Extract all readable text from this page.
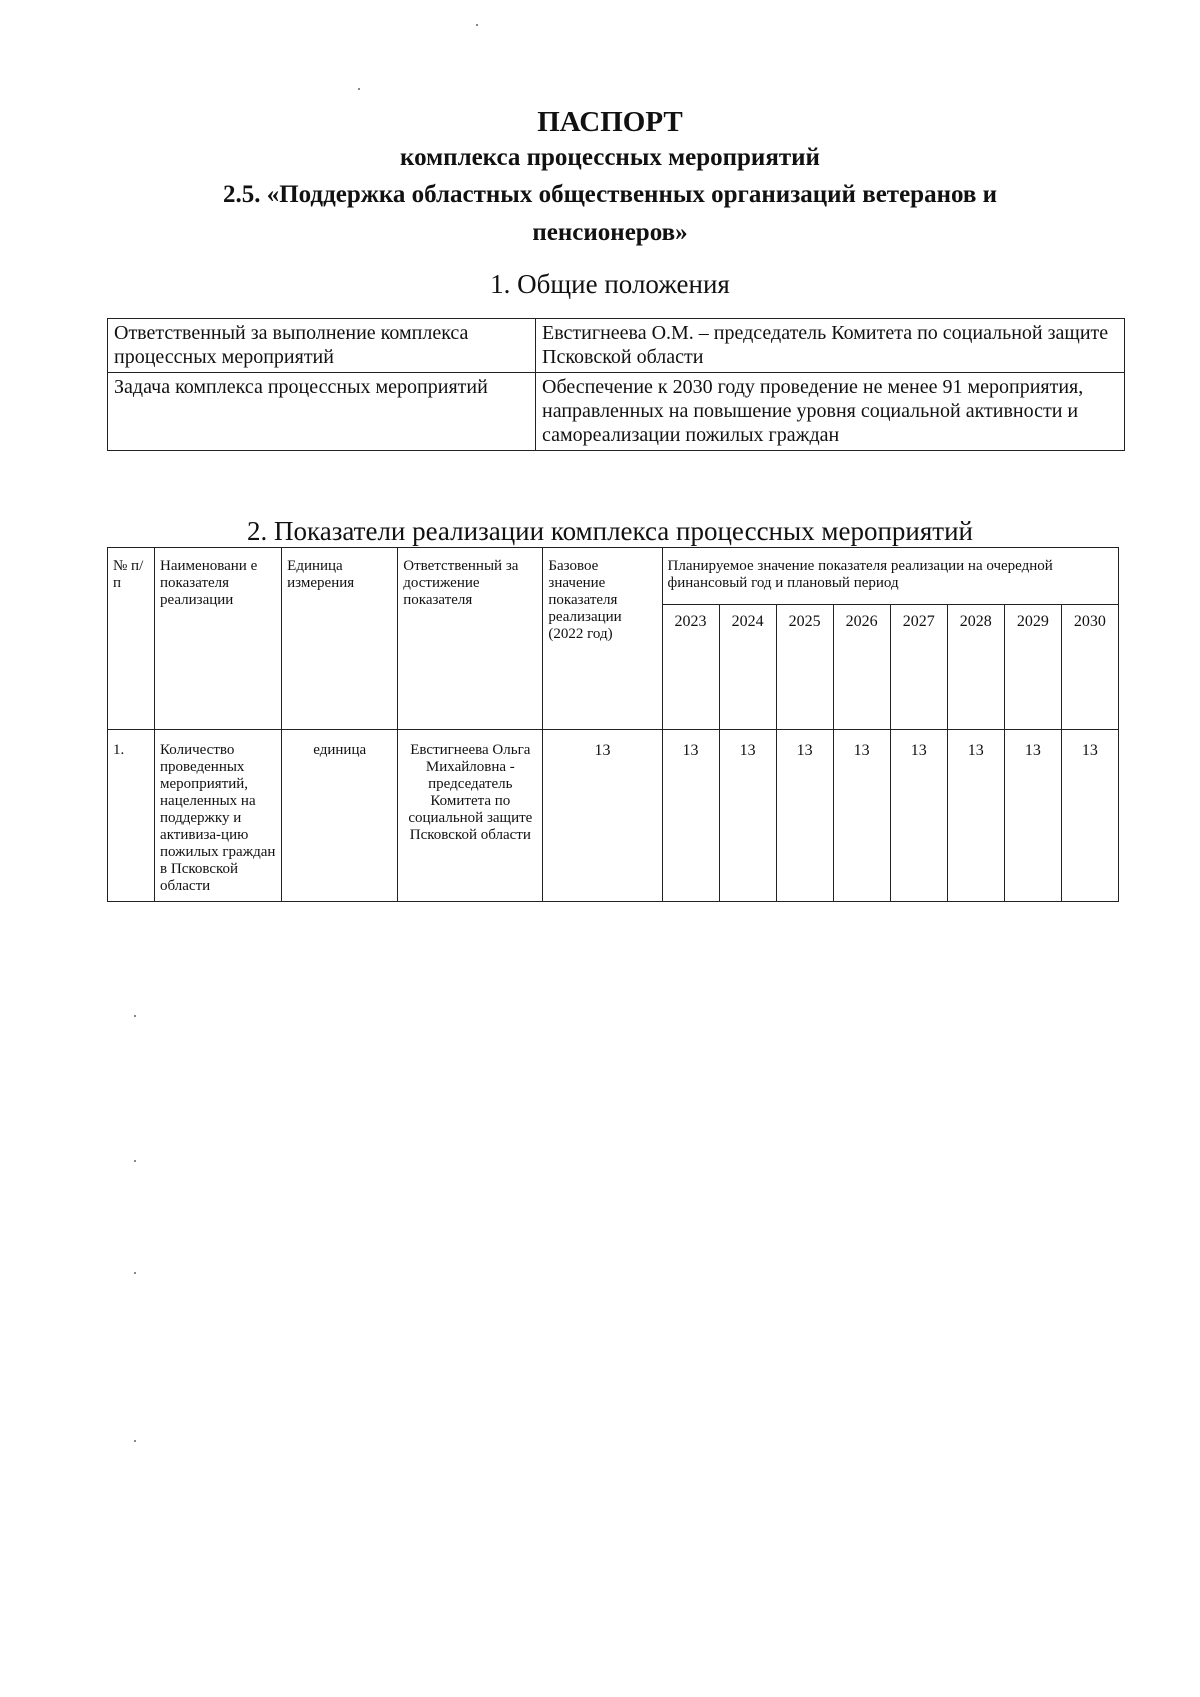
ПАСПОРТ
комплекса процессных мероприятий
2.5. «Поддержка областных общественных организаций ветеранов и пенсионеров»
1. Общие положения
Ответственный за выполнение комплекса процессных мероприятий	Евстигнеева О.М. – председатель Комитета по социальной защите Псковской области
Задача комплекса процессных мероприятий	Обеспечение к 2030 году проведение не менее 91 мероприятия, направленных на повышение уровня социальной активности и самореализации пожилых граждан
2. Показатели реализации комплекса процессных мероприятий
№ п/п	Наименовани е показателя реализации	Единица измерения	Ответственный за достижение показателя	Базовое значение показателя реализации (2022 год)	Планируемое значение показателя реализации на очередной финансовый год и плановый период							
					2023	2024	2025	2026	2027	2028	2029	2030
1.	Количество проведенных мероприятий, нацеленных на поддержку и активиза-цию пожилых граждан в Псковской области	единица	Евстигнеева Ольга Михайловна - председатель Комитета по социальной защите Псковской области	13	13	13	13	13	13	13	13	13
